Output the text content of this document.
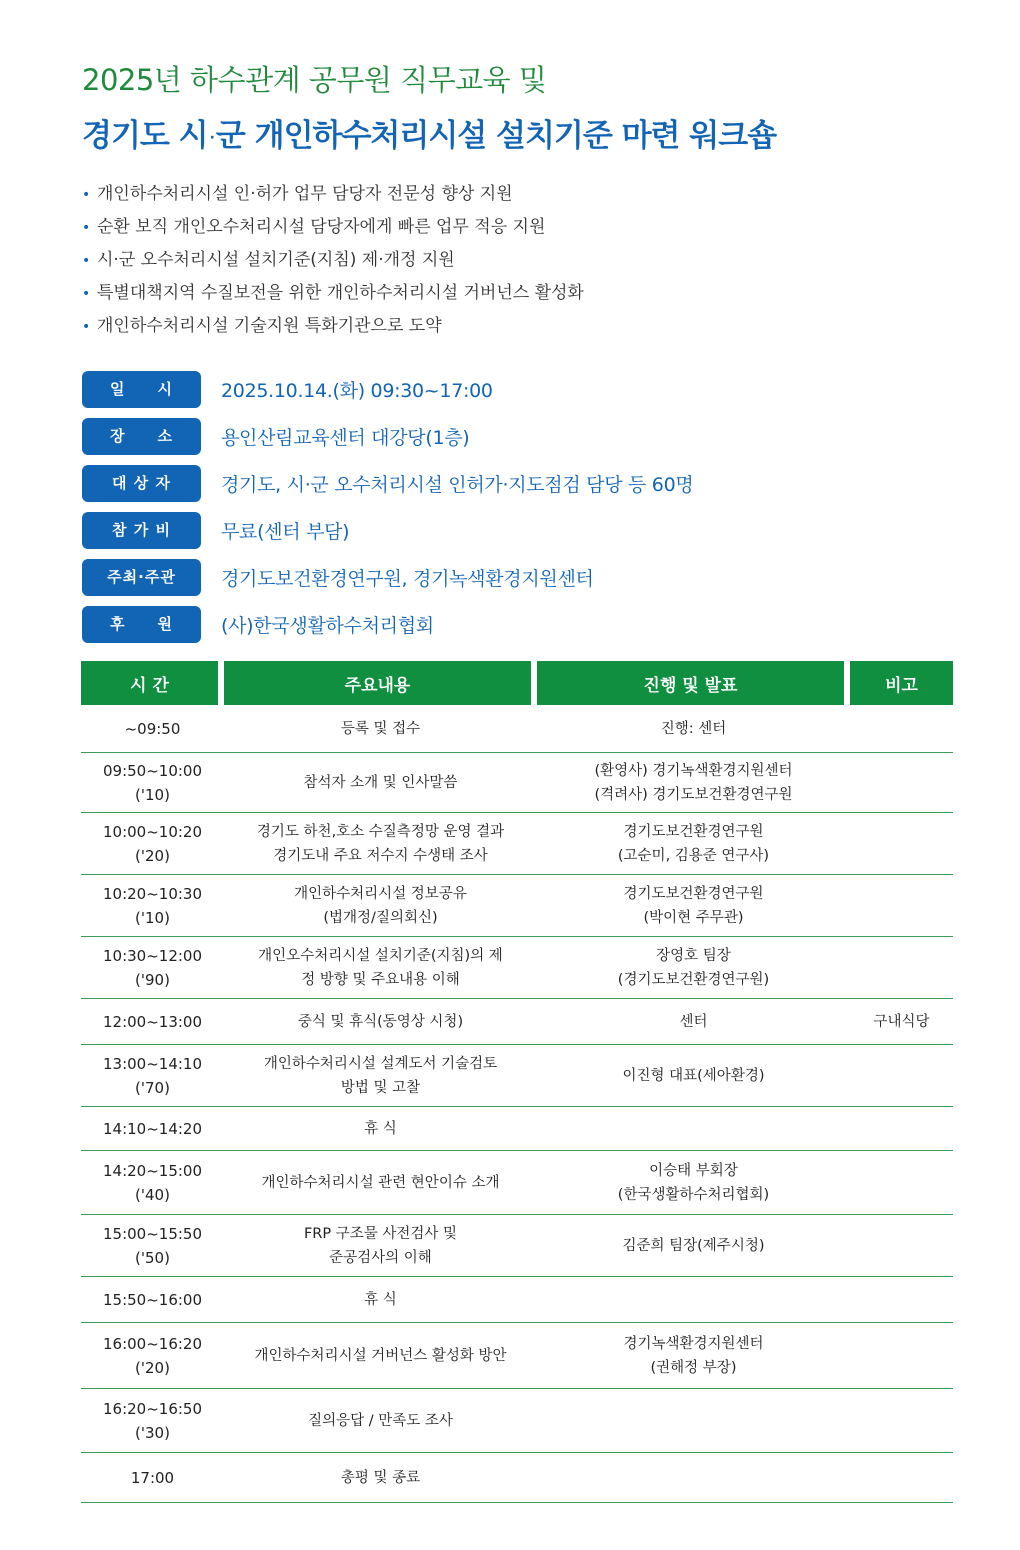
2025년 하수관계 공무원 직무교육 및
경기도 시 ·군 개인하수처리시설 설치기준 마련 워크숍
• 개인하수처리시설 인·허가 업무 담당자 전문성 향상 지원
• 순환 보직 개인오수처리시설 담당자에게 빠른 업무 적응 지원
• 시·군 오수처리시설 설치기준(지침) 제·개정 지원
• 특별대책지역 수질보전을 위한 개인하수처리시설 거버넌스 활성화
• 개인하수처리시설 기술지원 특화기관으로 도약
일　　시	2025.10.14.(화) 09:30~17:00
장　　소	용인산림교육센터 대강당(1층)
대 상 자	경기도, 시·군 오수처리시설 인허가·지도점검 담당 등 60명
참 가 비	무료(센터 부담)
주최·주관	경기도보건환경연구원, 경기녹색환경지원센터
후　　원	(사)한국생활하수처리협회
시 간	주요내용	진행 및 발표	비고

~09:50	등록 및 접수	진행: 센터	

09:50~10:00
('10)	참석자 소개 및 인사말씀	(환영사) 경기녹색환경지원센터
(격려사) 경기도보건환경연구원	

10:00~10:20
('20)	경기도 하천,호소 수질측정망 운영 결과
경기도내 주요 저수지 수생태 조사	경기도보건환경연구원
(고순미, 김용준 연구사)	

10:20~10:30
('10)	개인하수처리시설 정보공유
(법개정/질의회신)	경기도보건환경연구원
(박이현 주무관)	

10:30~12:00
('90)	개인오수처리시설 설치기준(지침)의 제
정 방향 및 주요내용 이해	장영호 팀장
(경기도보건환경연구원)	

12:00~13:00	중식 및 휴식(동영상 시청)	센터	구내식당

13:00~14:10
('70)	개인하수처리시설 설계도서 기술검토
방법 및 고찰	이진형 대표(세아환경)	

14:10~14:20	휴 식		

14:20~15:00
('40)	개인하수처리시설 관련 현안이슈 소개	이승태 부회장
(한국생활하수처리협회)	

15:00~15:50
('50)	FRP 구조물 사전검사 및
준공검사의 이해	김준희 팀장(제주시청)	

15:50~16:00	휴 식		

16:00~16:20
('20)	개인하수처리시설 거버넌스 활성화 방안	경기녹색환경지원센터
(권해정 부장)	

16:20~16:50
('30)	질의응답 / 만족도 조사		

17:00	총평 및 종료		
